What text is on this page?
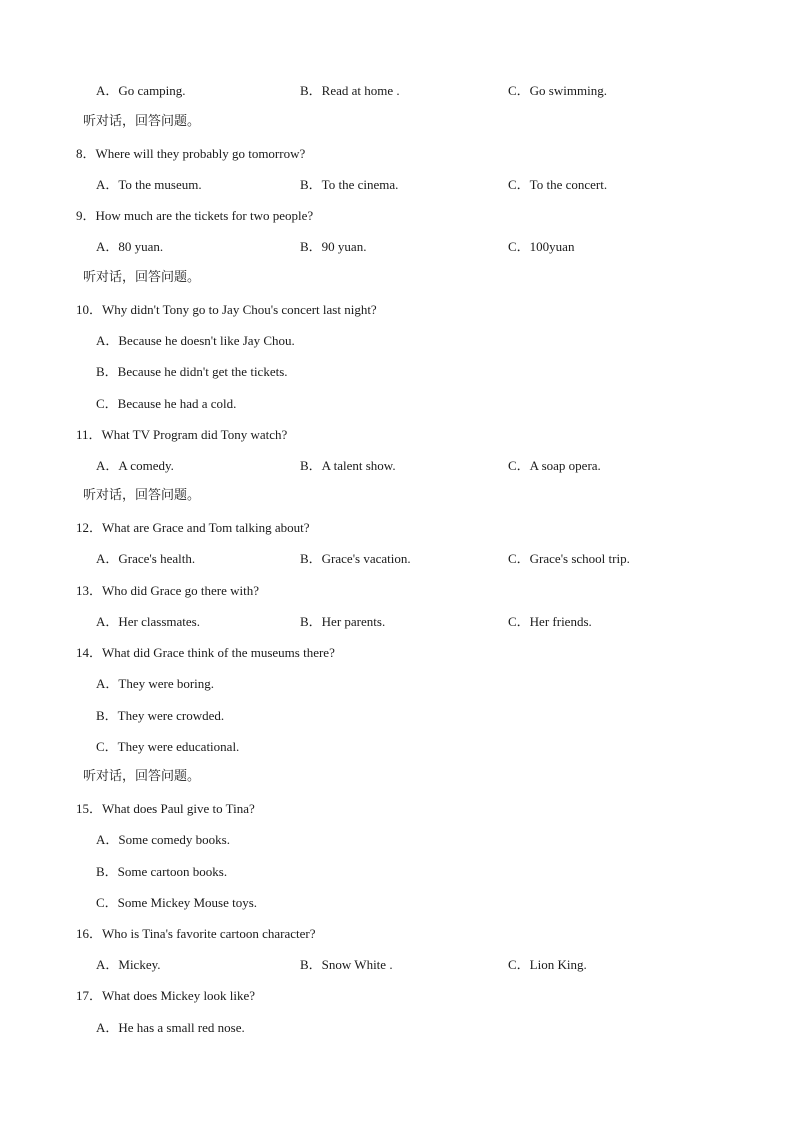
A．Go camping.	B．Read at home .	C．Go swimming.
听对话，回答问题。
8．Where will they probably go tomorrow?
A．To the museum.	B．To the cinema.	C．To the concert.
9．How much are the tickets for two people?
A．80 yuan.	B．90 yuan.	C．100yuan
听对话，回答问题。
10．Why didn't Tony go to Jay Chou's concert last night?
A．Because he doesn't like Jay Chou.
B．Because he didn't get the tickets.
C．Because he had a cold.
11．What TV Program did Tony watch?
A．A comedy.	B．A talent show.	C．A soap opera.
听对话，回答问题。
12．What are Grace and Tom talking about?
A．Grace's health.	B．Grace's vacation.	C．Grace's school trip.
13．Who did Grace go there with?
A．Her classmates.	B．Her parents.	C．Her friends.
14．What did Grace think of the museums there?
A．They were boring.
B．They were crowded.
C．They were educational.
听对话，回答问题。
15．What does Paul give to Tina?
A．Some comedy books.
B．Some cartoon books.
C．Some Mickey Mouse toys.
16．Who is Tina's favorite cartoon character?
A．Mickey.	B．Snow White .	C．Lion King.
17．What does Mickey look like?
A．He has a small red nose.
